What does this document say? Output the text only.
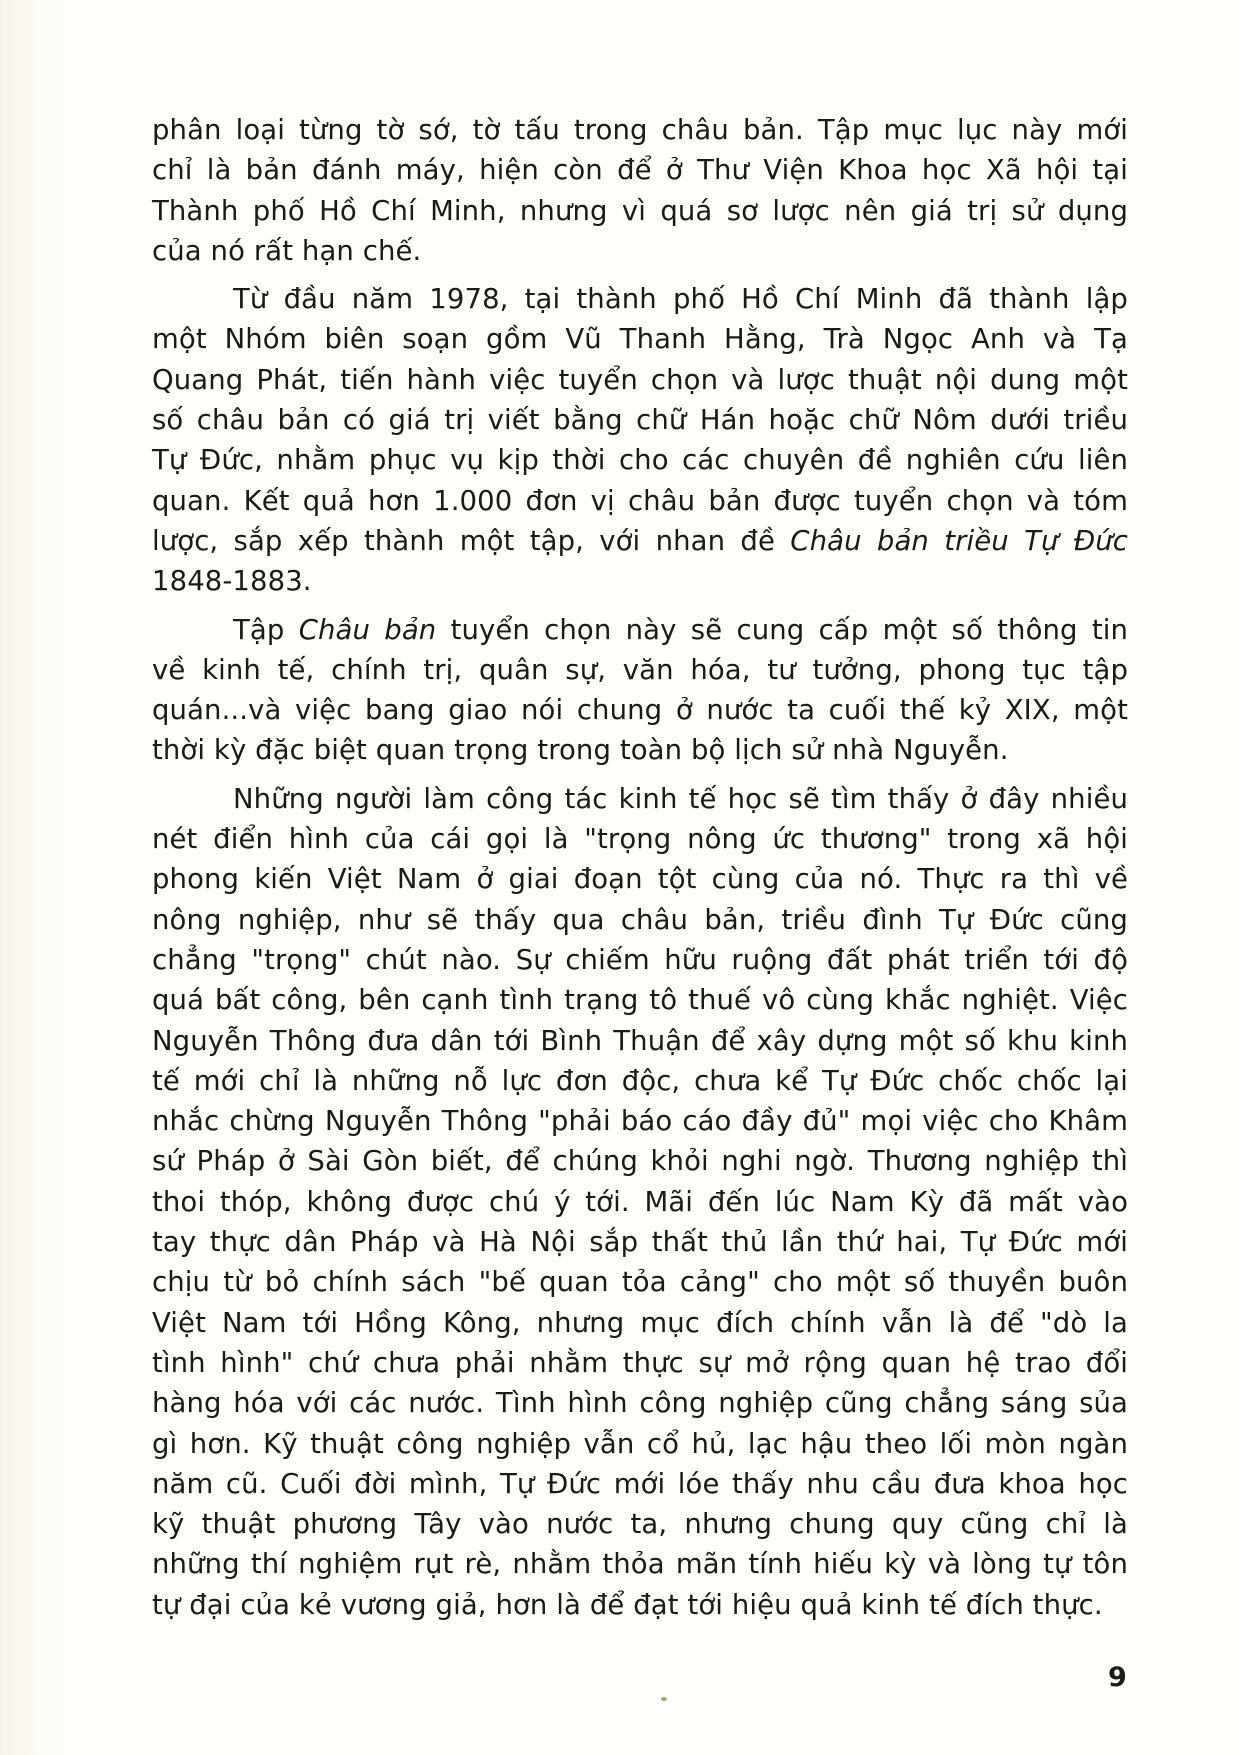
phân loại từng tờ sớ, tờ tấu trong châu bản. Tập mục lục này mới
chỉ là bản đánh máy, hiện còn để ở Thư Viện Khoa học Xã hội tại
Thành phố Hồ Chí Minh, nhưng vì quá sơ lược nên giá trị sử dụng
của nó rất hạn chế.
Từ đầu năm 1978, tại thành phố Hồ Chí Minh đã thành lập
một Nhóm biên soạn gồm Vũ Thanh Hằng, Trà Ngọc Anh và Tạ
Quang Phát, tiến hành việc tuyển chọn và lược thuật nội dung một
số châu bản có giá trị viết bằng chữ Hán hoặc chữ Nôm dưới triều
Tự Đức, nhằm phục vụ kịp thời cho các chuyên đề nghiên cứu liên
quan. Kết quả hơn 1.000 đơn vị châu bản được tuyển chọn và tóm
lược, sắp xếp thành một tập, với nhan đề Châu bản triều Tự Đức
1848-1883.
Tập Châu bản tuyển chọn này sẽ cung cấp một số thông tin
về kinh tế, chính trị, quân sự, văn hóa, tư tưởng, phong tục tập
quán...và việc bang giao nói chung ở nước ta cuối thế kỷ XIX, một
thời kỳ đặc biệt quan trọng trong toàn bộ lịch sử nhà Nguyễn.
Những người làm công tác kinh tế học sẽ tìm thấy ở đây nhiều
nét điển hình của cái gọi là "trọng nông ức thương" trong xã hội
phong kiến Việt Nam ở giai đoạn tột cùng của nó. Thực ra thì về
nông nghiệp, như sẽ thấy qua châu bản, triều đình Tự Đức cũng
chẳng "trọng" chút nào. Sự chiếm hữu ruộng đất phát triển tới độ
quá bất công, bên cạnh tình trạng tô thuế vô cùng khắc nghiệt. Việc
Nguyễn Thông đưa dân tới Bình Thuận để xây dựng một số khu kinh
tế mới chỉ là những nỗ lực đơn độc, chưa kể Tự Đức chốc chốc lại
nhắc chừng Nguyễn Thông "phải báo cáo đầy đủ" mọi việc cho Khâm
sứ Pháp ở Sài Gòn biết, để chúng khỏi nghi ngờ. Thương nghiệp thì
thoi thóp, không được chú ý tới. Mãi đến lúc Nam Kỳ đã mất vào
tay thực dân Pháp và Hà Nội sắp thất thủ lần thứ hai, Tự Đức mới
chịu từ bỏ chính sách "bế quan tỏa cảng" cho một số thuyền buôn
Việt Nam tới Hồng Kông, nhưng mục đích chính vẫn là để "dò la
tình hình" chứ chưa phải nhằm thực sự mở rộng quan hệ trao đổi
hàng hóa với các nước. Tình hình công nghiệp cũng chẳng sáng sủa
gì hơn. Kỹ thuật công nghiệp vẫn cổ hủ, lạc hậu theo lối mòn ngàn
năm cũ. Cuối đời mình, Tự Đức mới lóe thấy nhu cầu đưa khoa học
kỹ thuật phương Tây vào nước ta, nhưng chung quy cũng chỉ là
những thí nghiệm rụt rè, nhằm thỏa mãn tính hiếu kỳ và lòng tự tôn
tự đại của kẻ vương giả, hơn là để đạt tới hiệu quả kinh tế đích thực.
9
